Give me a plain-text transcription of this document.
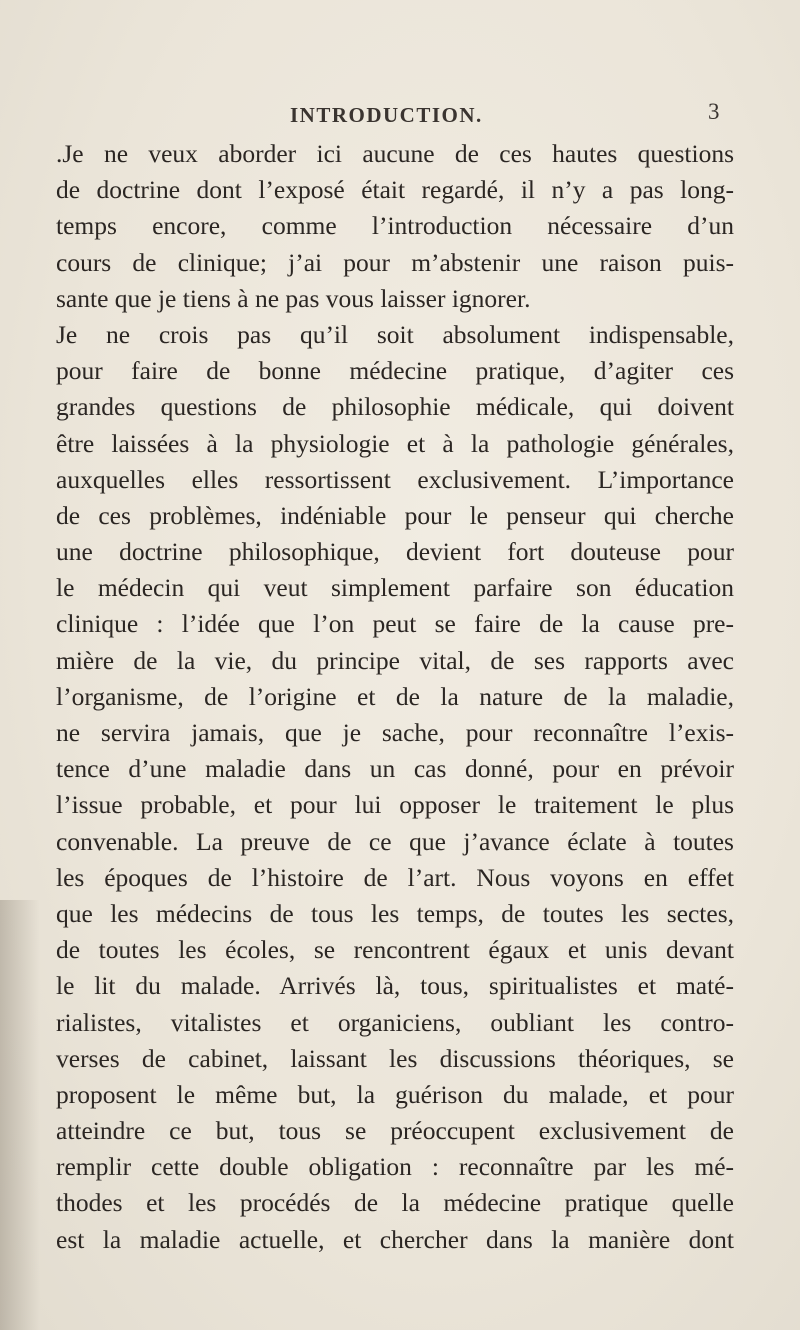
INTRODUCTION.	3
.Je ne veux aborder ici aucune de ces hautes questions
de doctrine dont l’exposé était regardé, il n’y a pas long-
temps encore, comme l’introduction nécessaire d’un
cours de clinique; j’ai pour m’abstenir une raison puis-
sante que je tiens à ne pas vous laisser ignorer.
Je ne crois pas qu’il soit absolument indispensable,
pour faire de bonne médecine pratique, d’agiter ces
grandes questions de philosophie médicale, qui doivent
être laissées à la physiologie et à la pathologie générales,
auxquelles elles ressortissent exclusivement. L’importance
de ces problèmes, indéniable pour le penseur qui cherche
une doctrine philosophique, devient fort douteuse pour
le médecin qui veut simplement parfaire son éducation
clinique : l’idée que l’on peut se faire de la cause pre-
mière de la vie, du principe vital, de ses rapports avec
l’organisme, de l’origine et de la nature de la maladie,
ne servira jamais, que je sache, pour reconnaître l’exis-
tence d’une maladie dans un cas donné, pour en prévoir
l’issue probable, et pour lui opposer le traitement le plus
convenable. La preuve de ce que j’avance éclate à toutes
les époques de l’histoire de l’art. Nous voyons en effet
que les médecins de tous les temps, de toutes les sectes,
de toutes les écoles, se rencontrent égaux et unis devant
le lit du malade. Arrivés là, tous, spiritualistes et maté-
rialistes, vitalistes et organiciens, oubliant les contro-
verses de cabinet, laissant les discussions théoriques, se
proposent le même but, la guérison du malade, et pour
atteindre ce but, tous se préoccupent exclusivement de
remplir cette double obligation : reconnaître par les mé-
thodes et les procédés de la médecine pratique quelle
est la maladie actuelle, et chercher dans la manière dont
